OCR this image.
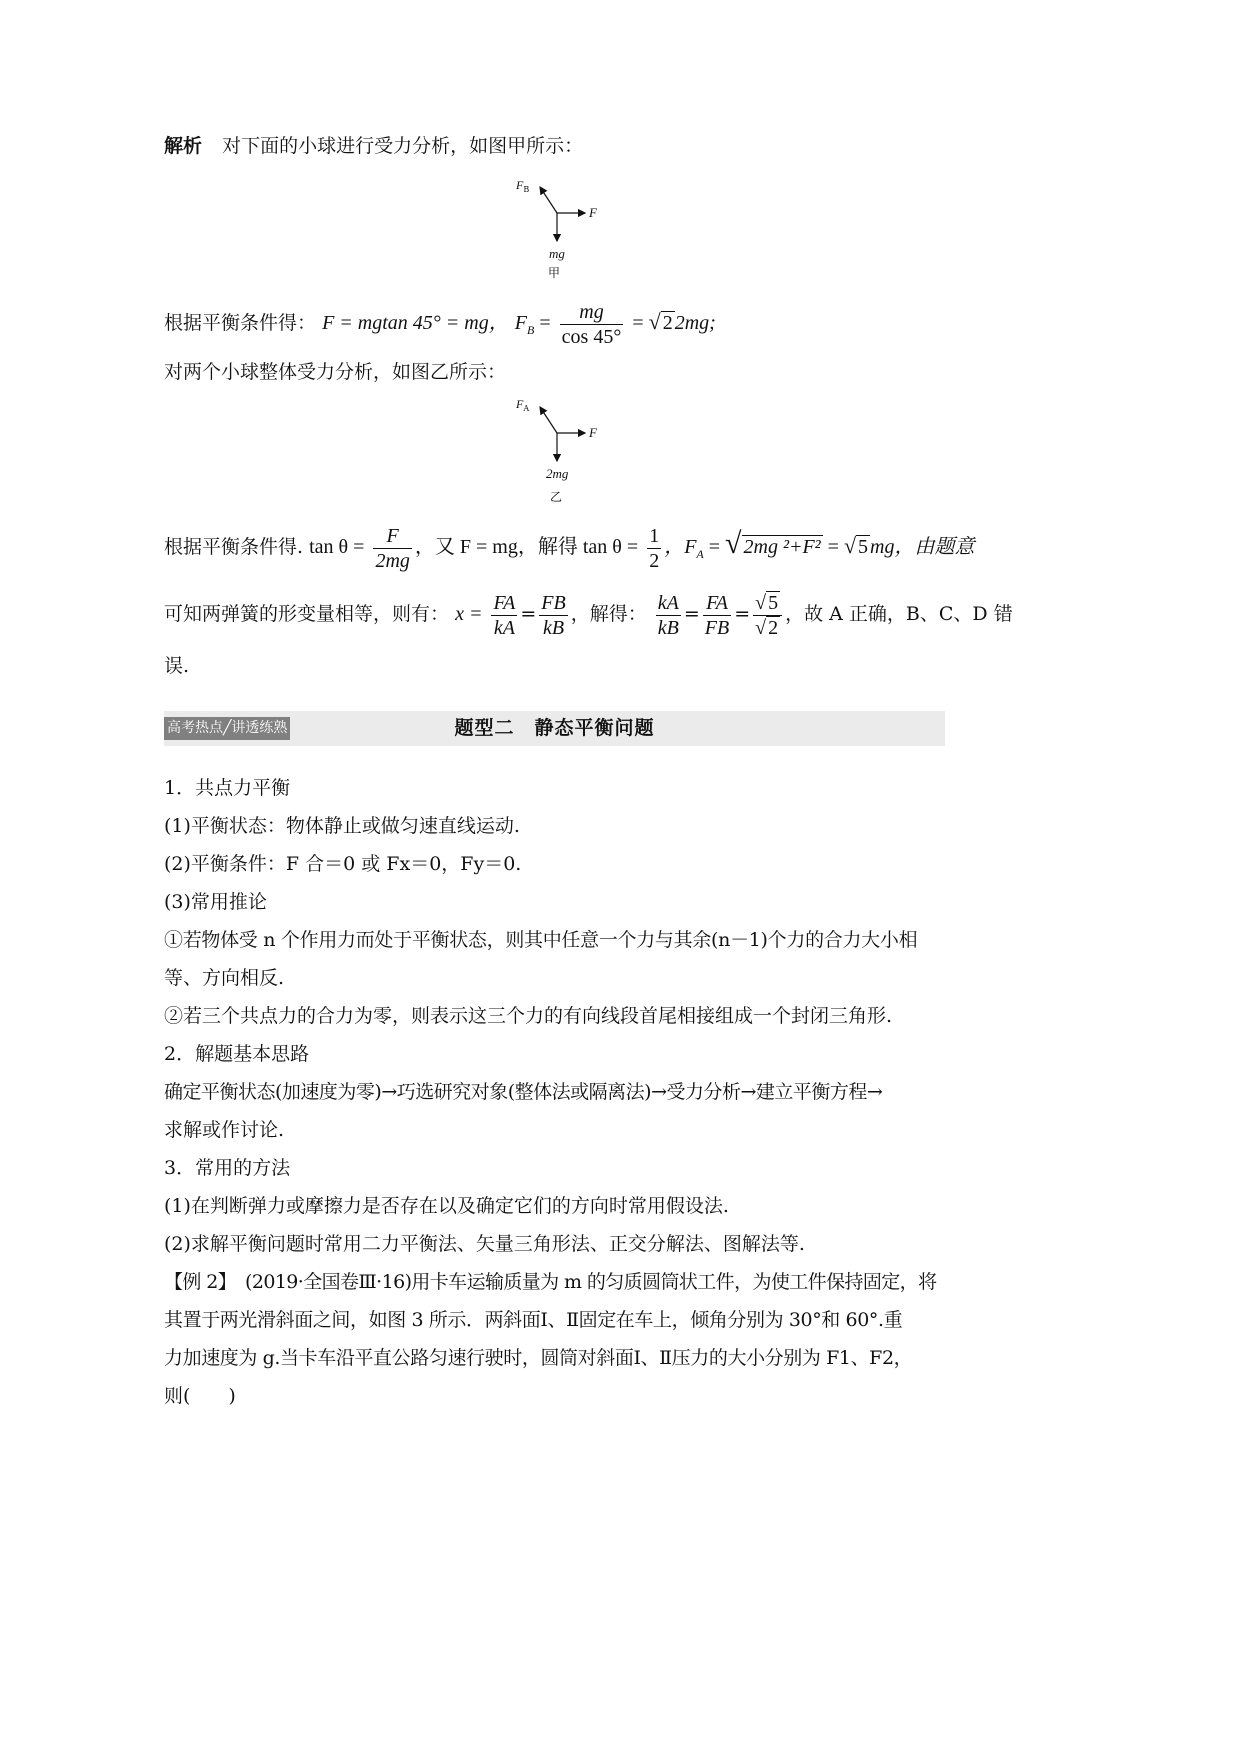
解析 对下面的小球进行受力分析，如图甲所示：
$F_B$
F
mg
甲
根据平衡条件得： F = mgtan 45° = mg， $F_B = \frac{mg}{\cos 45^\circ}$ = √ 2 2mg;
对两个小球整体受力分析，如图乙所示：
$F_A$
F
2mg
乙
根据平衡条件得. $\tan \theta = \frac{F}{2mg}$ ，又 F = mg，解得 $\tan \theta = \frac{1}{2}$ ，$F_A$ = √ 2mg ²+F² = √ 5 mg，由题意
可知两弹簧的形变量相等，则有： $x = \frac{FA}{kA} = \frac{FB}{kB}$ ，解得： $\frac{kA}{kB} = \frac{FA}{FB} = \frac{√ 5}{√ 2}$ ，故 A 正确，B、C、D 错
误.
高考热点╱讲透练熟	题型二　静态平衡问题
1．共点力平衡
(1)平衡状态：物体静止或做匀速直线运动.
(2)平衡条件：F 合＝0 或 Fx＝0，Fy＝0.
(3)常用推论
①若物体受 n 个作用力而处于平衡状态，则其中任意一个力与其余(n－1)个力的合力大小相
等、方向相反.
②若三个共点力的合力为零，则表示这三个力的有向线段首尾相接组成一个封闭三角形.
2．解题基本思路
确定平衡状态(加速度为零)→巧选研究对象(整体法或隔离法)→受力分析→建立平衡方程→
求解或作讨论.
3．常用的方法
(1)在判断弹力或摩擦力是否存在以及确定它们的方向时常用假设法.
(2)求解平衡问题时常用二力平衡法、矢量三角形法、正交分解法、图解法等.
【例 2】　(2019·全国卷Ⅲ·16)用卡车运输质量为 m 的匀质圆筒状工件，为使工件保持固定，将
其置于两光滑斜面之间，如图 3 所示．两斜面Ⅰ、Ⅱ固定在车上，倾角分别为 30°和 60°.重
力加速度为 g.当卡车沿平直公路匀速行驶时，圆筒对斜面Ⅰ、Ⅱ压力的大小分别为 F1、F2，
则(　　)
